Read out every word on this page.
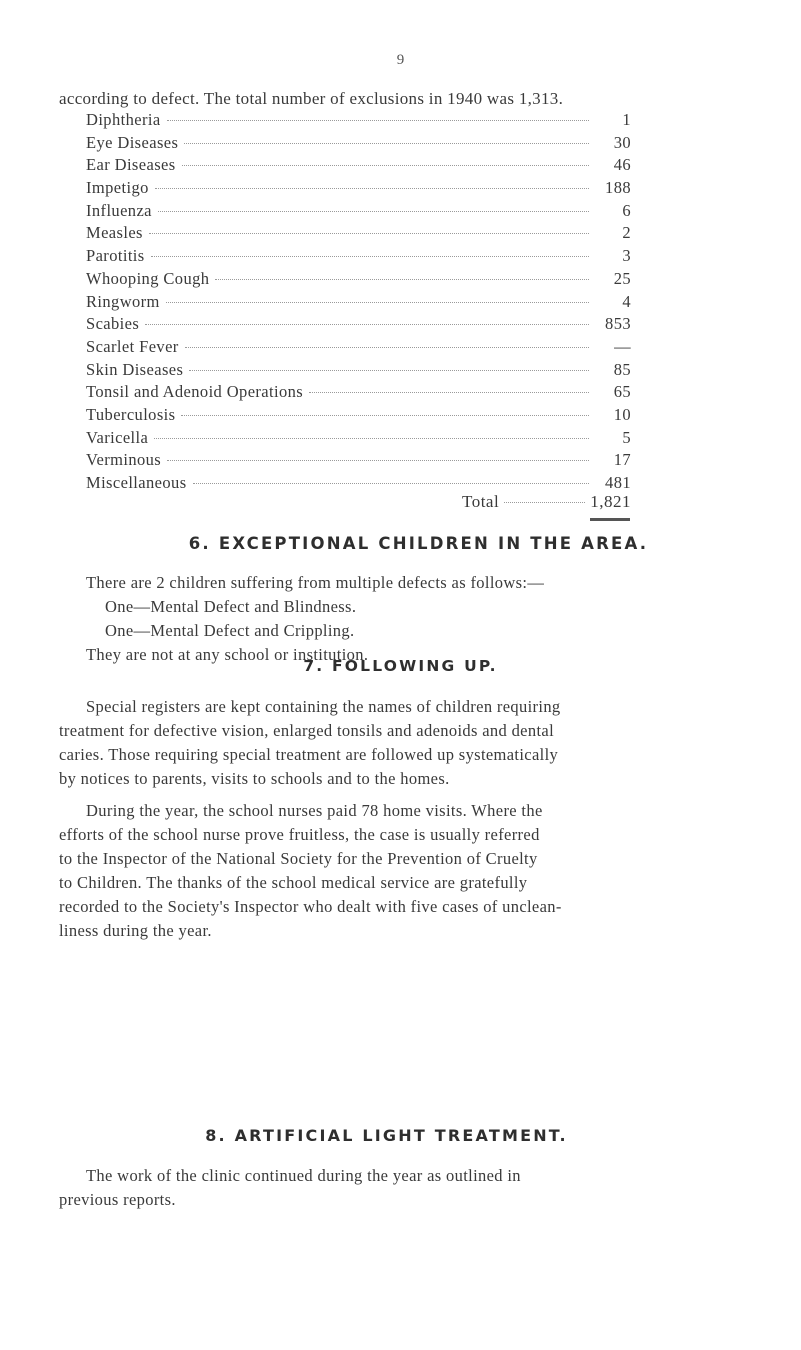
9
according to defect. The total number of exclusions in 1940 was 1,313.
Diphtheria	1
Eye Diseases	30
Ear Diseases	46
Impetigo	188
Influenza	6
Measles	2
Parotitis	3
Whooping Cough	25
Ringworm	4
Scabies	853
Scarlet Fever	—
Skin Diseases	85
Tonsil and Adenoid Operations	65
Tuberculosis	10
Varicella	5
Verminous	17
Miscellaneous	481
Total	1,821
6. EXCEPTIONAL CHILDREN IN THE AREA.
There are 2 children suffering from multiple defects as follows:—
One—Mental Defect and Blindness.
One—Mental Defect and Crippling.
They are not at any school or institution.
7. FOLLOWING UP.
Special registers are kept containing the names of children requiring
treatment for defective vision, enlarged tonsils and adenoids and dental
caries. Those requiring special treatment are followed up systematically
by notices to parents, visits to schools and to the homes.
During the year, the school nurses paid 78 home visits. Where the
efforts of the school nurse prove fruitless, the case is usually referred
to the Inspector of the National Society for the Prevention of Cruelty
to Children. The thanks of the school medical service are gratefully
recorded to the Society's Inspector who dealt with five cases of unclean-
liness during the year.
8. ARTIFICIAL LIGHT TREATMENT.
The work of the clinic continued during the year as outlined in
previous reports.
